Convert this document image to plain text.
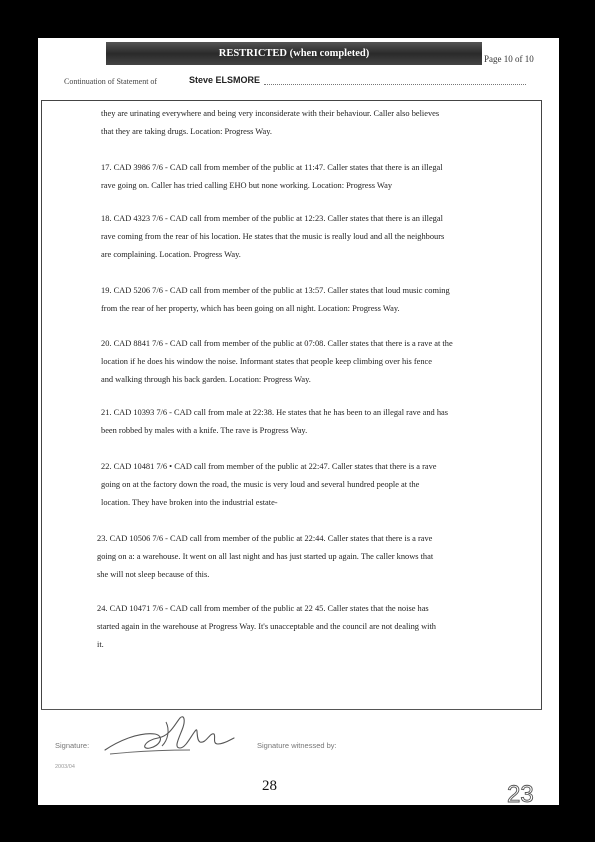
RESTRICTED (when completed)	Page 10 of 10
Continuation of Statement of	Steve ELSMORE
they are urinating everywhere and being very inconsiderate with their behaviour. Caller also believes
that they are taking drugs. Location: Progress Way.
17. CAD 3986 7/6 - CAD call from member of the public at 11:47. Caller states that there is an illegal
rave going on. Caller has tried calling EHO but none working. Location: Progress Way
18. CAD 4323 7/6 - CAD call from member of the public at 12:23. Caller states that there is an illegal
rave coming from the rear of his location. He states that the music is really loud and all the neighbours
are complaining. Location. Progress Way.
19. CAD 5206 7/6 - CAD call from member of the public at 13:57. Caller states that loud music coming
from the rear of her property, which has been going on all night. Location: Progress Way.
20. CAD 8841 7/6 - CAD call from member of the public at 07:08. Caller states that there is a rave at the
location if he does his window the noise. Informant states that people keep climbing over his fence
and walking through his back garden. Location: Progress Way.
21. CAD 10393 7/6 - CAD call from male at 22:38. He states that he has been to an illegal rave and has
been robbed by males with a knife. The rave is Progress Way.
22. CAD 10481 7/6 • CAD call from member of the public at 22:47. Caller states that there is a rave
going on at the factory down the road, the music is very loud and several hundred people at the
location. They have broken into the industrial estate-
23. CAD 10506 7/6 - CAD call from member of the public at 22:44. Caller states that there is a rave
going on a: a warehouse. It went on all last night and has just started up again. The caller knows that
she will not sleep because of this.
24. CAD 10471 7/6 - CAD call from member of the public at 22 45. Caller states that the noise has
started again in the warehouse at Progress Way. It's unacceptable and the council are not dealing with
it.
Signature:	Signature witnessed by:
2003/04
28	23
